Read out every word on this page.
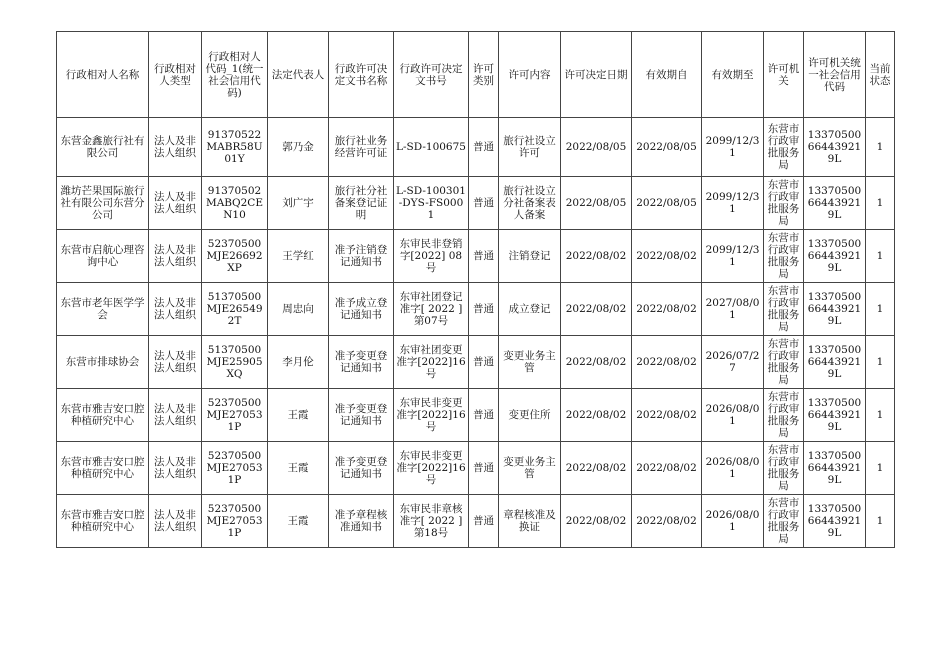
行政相对人名称	行政相对人类型	行政相对人代码_1(统一社会信用代码)	法定代表人	行政许可决定文书名称	行政许可决定文书号	许可类别	许可内容	许可决定日期	有效期自	有效期至	许可机关	许可机关统一社会信用代码	当前状态
东营金鑫旅行社有限公司	法人及非法人组织	91370522MABR58U01Y	郭乃金	旅行社业务经营许可证	L-SD-100675	普通	旅行社设立许可	2022/08/05	2022/08/05	2099/12/31	东营市行政审批服务局	13370500664439219L	1
潍坊芒果国际旅行社有限公司东营分公司	法人及非法人组织	91370502MABQ2CEN10	刘广宇	旅行社分社备案登记证明	L-SD-100301-DYS-FS0001	普通	旅行社设立分社备案表人备案	2022/08/05	2022/08/05	2099/12/31	东营市行政审批服务局	13370500664439219L	1
东营市启航心理咨询中心	法人及非法人组织	52370500MJE26692XP	王学红	准予注销登记通知书	东审民非登销字[2022] 08号	普通	注销登记	2022/08/02	2022/08/02	2099/12/31	东营市行政审批服务局	13370500664439219L	1
东营市老年医学学会	法人及非法人组织	51370500MJE265492T	周忠向	准予成立登记通知书	东审社团登记准字[ 2022 ]第07号	普通	成立登记	2022/08/02	2022/08/02	2027/08/01	东营市行政审批服务局	13370500664439219L	1
东营市排球协会	法人及非法人组织	51370500MJE25905XQ	李月伦	准予变更登记通知书	东审社团变更准字[2022]16号	普通	变更业务主管	2022/08/02	2022/08/02	2026/07/27	东营市行政审批服务局	13370500664439219L	1
东营市雅吉安口腔种植研究中心	法人及非法人组织	52370500MJE270531P	王霞	准予变更登记通知书	东审民非变更准字[2022]16号	普通	变更住所	2022/08/02	2022/08/02	2026/08/01	东营市行政审批服务局	13370500664439219L	1
东营市雅吉安口腔种植研究中心	法人及非法人组织	52370500MJE270531P	王霞	准予变更登记通知书	东审民非变更准字[2022]16号	普通	变更业务主管	2022/08/02	2022/08/02	2026/08/01	东营市行政审批服务局	13370500664439219L	1
东营市雅吉安口腔种植研究中心	法人及非法人组织	52370500MJE270531P	王霞	准予章程核准通知书	东审民非章核准字[ 2022 ]第18号	普通	章程核准及换证	2022/08/02	2022/08/02	2026/08/01	东营市行政审批服务局	13370500664439219L	1
